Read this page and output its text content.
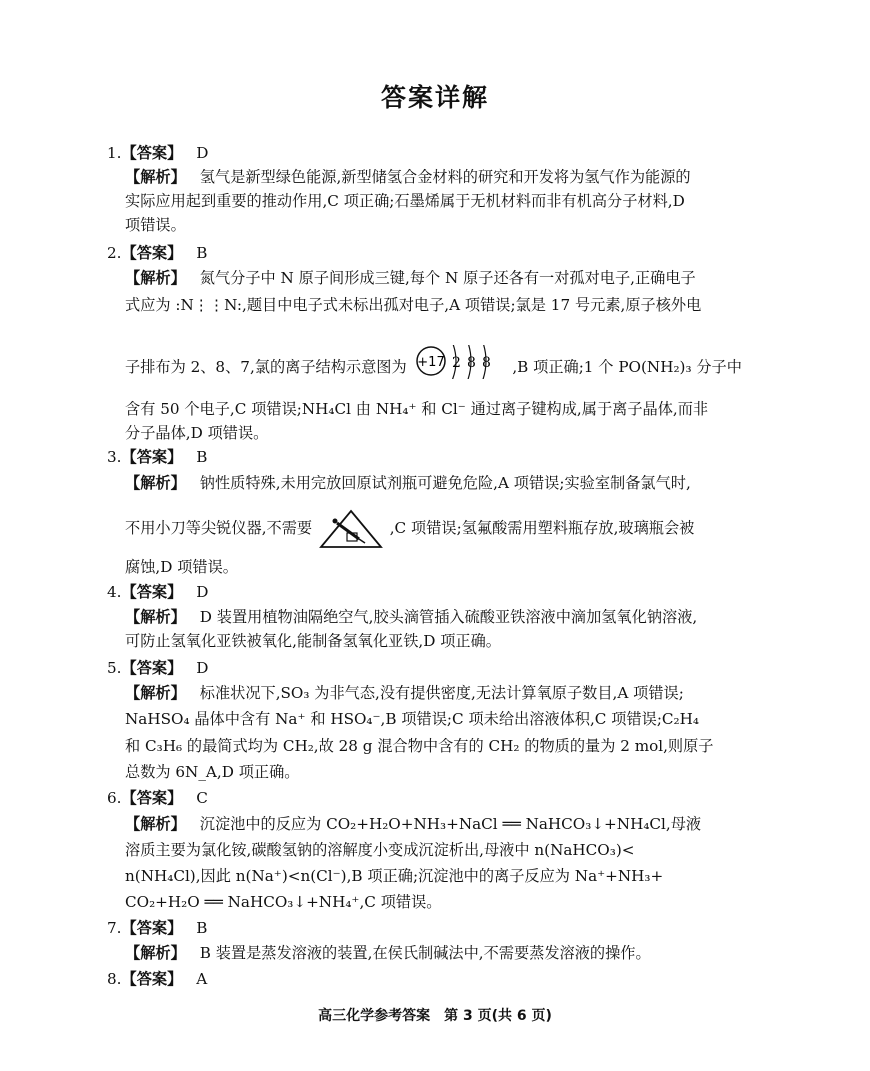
答案详解
1.【答案】 D
【解析】 氢气是新型绿色能源,新型储氢合金材料的研究和开发将为氢气作为能源的
实际应用起到重要的推动作用,C 项正确;石墨烯属于无机材料而非有机高分子材料,D
项错误。
2.【答案】 B
【解析】 氮气分子中 N 原子间形成三键,每个 N 原子还各有一对孤对电子,正确电子
式应为 :N⋮⋮N:,题目中电子式未标出孤对电子,A 项错误;氯是 17 号元素,原子核外电
子排布为 2、8、7,氯的离子结构示意图为 +17 2 8 8 ,B 项正确;1 个 PO(NH₂)₃ 分子中
含有 50 个电子,C 项错误;NH₄Cl 由 NH₄⁺ 和 Cl⁻ 通过离子键构成,属于离子晶体,而非
分子晶体,D 项错误。
3.【答案】 B
【解析】 钠性质特殊,未用完放回原试剂瓶可避免危险,A 项错误;实验室制备氯气时,
不用小刀等尖锐仪器,不需要	,C 项错误;氢氟酸需用塑料瓶存放,玻璃瓶会被
腐蚀,D 项错误。
4.【答案】 D
【解析】 D 装置用植物油隔绝空气,胶头滴管插入硫酸亚铁溶液中滴加氢氧化钠溶液,
可防止氢氧化亚铁被氧化,能制备氢氧化亚铁,D 项正确。
5.【答案】 D
【解析】 标准状况下,SO₃ 为非气态,没有提供密度,无法计算氧原子数目,A 项错误;
NaHSO₄ 晶体中含有 Na⁺ 和 HSO₄⁻,B 项错误;C 项未给出溶液体积,C 项错误;C₂H₄
和 C₃H₆ 的最简式均为 CH₂,故 28 g 混合物中含有的 CH₂ 的物质的量为 2 mol,则原子
总数为 6N_A,D 项正确。
6.【答案】 C
【解析】 沉淀池中的反应为 CO₂+H₂O+NH₃+NaCl ══ NaHCO₃↓+NH₄Cl,母液
溶质主要为氯化铵,碳酸氢钠的溶解度小变成沉淀析出,母液中 n(NaHCO₃)<
n(NH₄Cl),因此 n(Na⁺)<n(Cl⁻),B 项正确;沉淀池中的离子反应为 Na⁺+NH₃+
CO₂+H₂O ══ NaHCO₃↓+NH₄⁺,C 项错误。
7.【答案】 B
【解析】 B 装置是蒸发溶液的装置,在侯氏制碱法中,不需要蒸发溶液的操作。
8.【答案】 A
高三化学参考答案　第 3 页(共 6 页)
